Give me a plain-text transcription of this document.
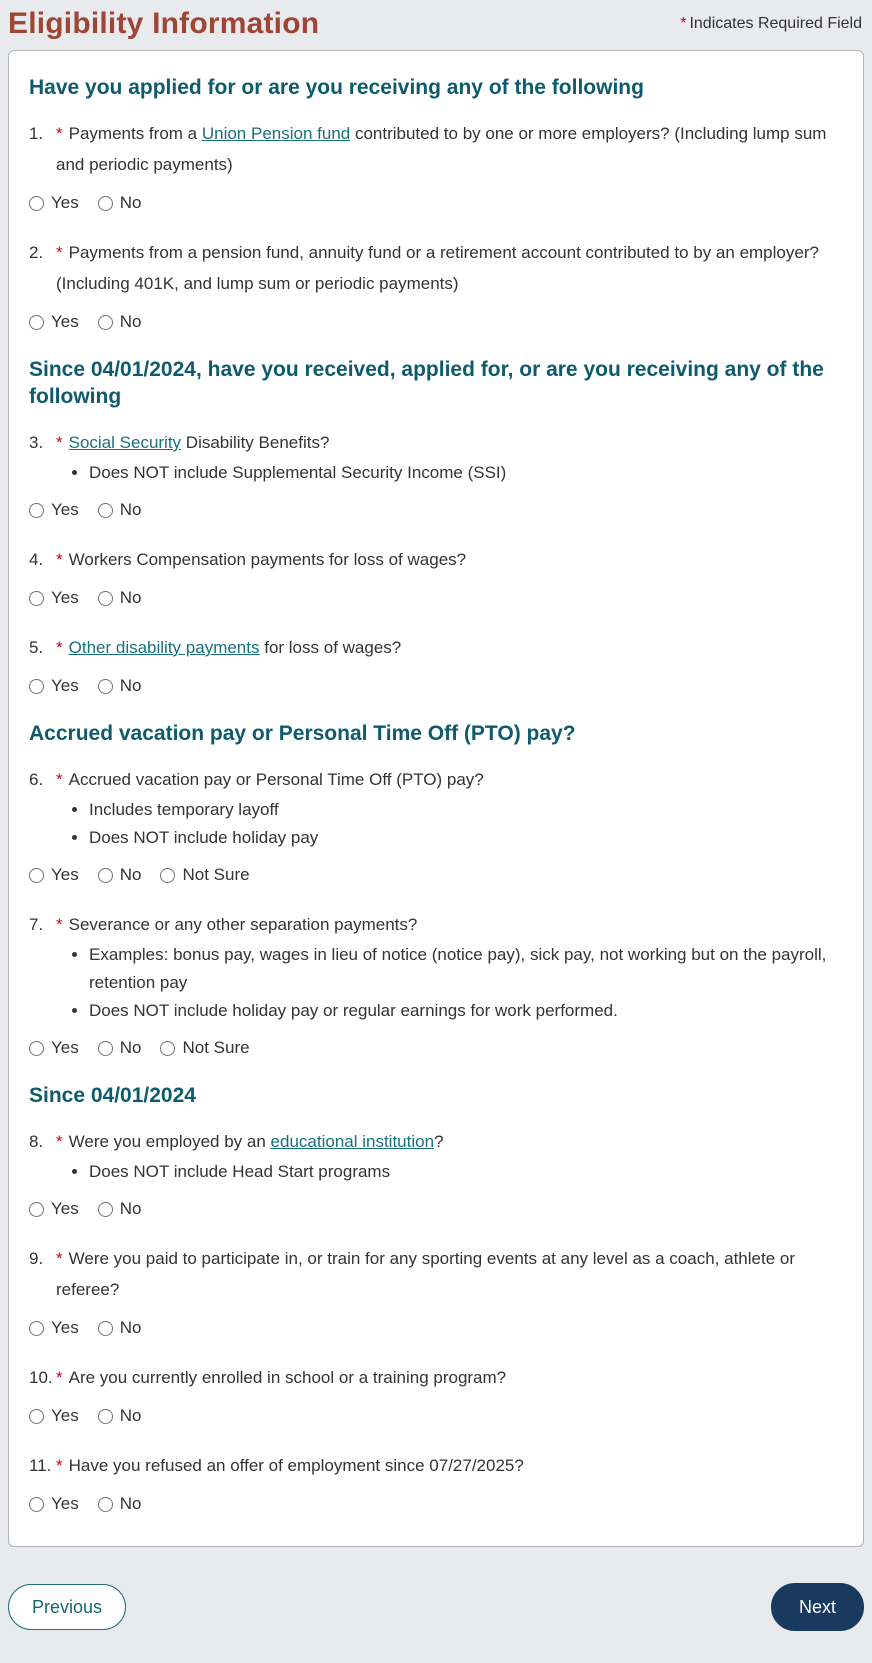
Eligibility Information	* Indicates Required Field
Have you applied for or are you receiving any of the following
1. * Payments from a Union Pension fund contributed to by one or more employers? (Including lump sum and periodic payments)
Yes No
2. * Payments from a pension fund, annuity fund or a retirement account contributed to by an employer? (Including 401K, and lump sum or periodic payments)
Yes No
Since 04/01/2024, have you received, applied for, or are you receiving any of the following
3. * Social Security Disability Benefits?
• Does NOT include Supplemental Security Income (SSI)
Yes No
4. * Workers Compensation payments for loss of wages?
Yes No
5. * Other disability payments for loss of wages?
Yes No
Accrued vacation pay or Personal Time Off (PTO) pay?
6. * Accrued vacation pay or Personal Time Off (PTO) pay?
• Includes temporary layoff
• Does NOT include holiday pay
Yes No Not Sure
7. * Severance or any other separation payments?
• Examples: bonus pay, wages in lieu of notice (notice pay), sick pay, not working but on the payroll, retention pay
• Does NOT include holiday pay or regular earnings for work performed.
Yes No Not Sure
Since 04/01/2024
8. * Were you employed by an educational institution?
• Does NOT include Head Start programs
Yes No
9. * Were you paid to participate in, or train for any sporting events at any level as a coach, athlete or referee?
Yes No
10. * Are you currently enrolled in school or a training program?
Yes No
11. * Have you refused an offer of employment since 07/27/2025?
Yes No
Previous	Next
